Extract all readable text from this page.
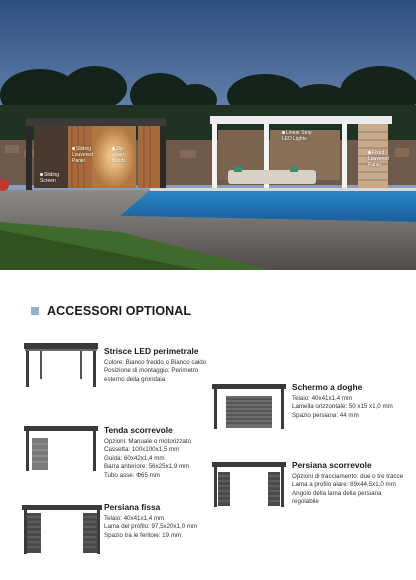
Sliding Louvered Panel
Zip-down Blinds
Sliding Screen
Linear Strip LED Lights
Fixed Louvered Panel
ACCESSORI OPTIONAL
Strisce LED perimetrale

Colore: Bianco freddo o Bianco caldo

Posizione di montaggio: Perimetro

esterno della grondaia

Schermo a doghe

Telaio: 40x41x1,4 mm

Lamella orizzontale: 50 x15 x1,0 mm

Spazio persiana: 44 mm

Tenda scorrevole

Opzioni: Manuale o motorizzato

Cassetta: 100x100x1,5 mm

Guida: 60x42x1,4 mm

Barra anteriore: 56x25x1,9 mm

Tubo asse: Φ65 mm

Persiana scorrevole

Opzioni di tracciamento: due o tre tracce

Lama a profilo alare: 89x44,5x1,0 mm

Angolo della lama della persiana

regolabile

Persiana fissa

Telaio: 40x41x1,4 mm

Lama del profilo: 97,5x20x1,0 mm

Spazio tra le feritoie: 19 mm
